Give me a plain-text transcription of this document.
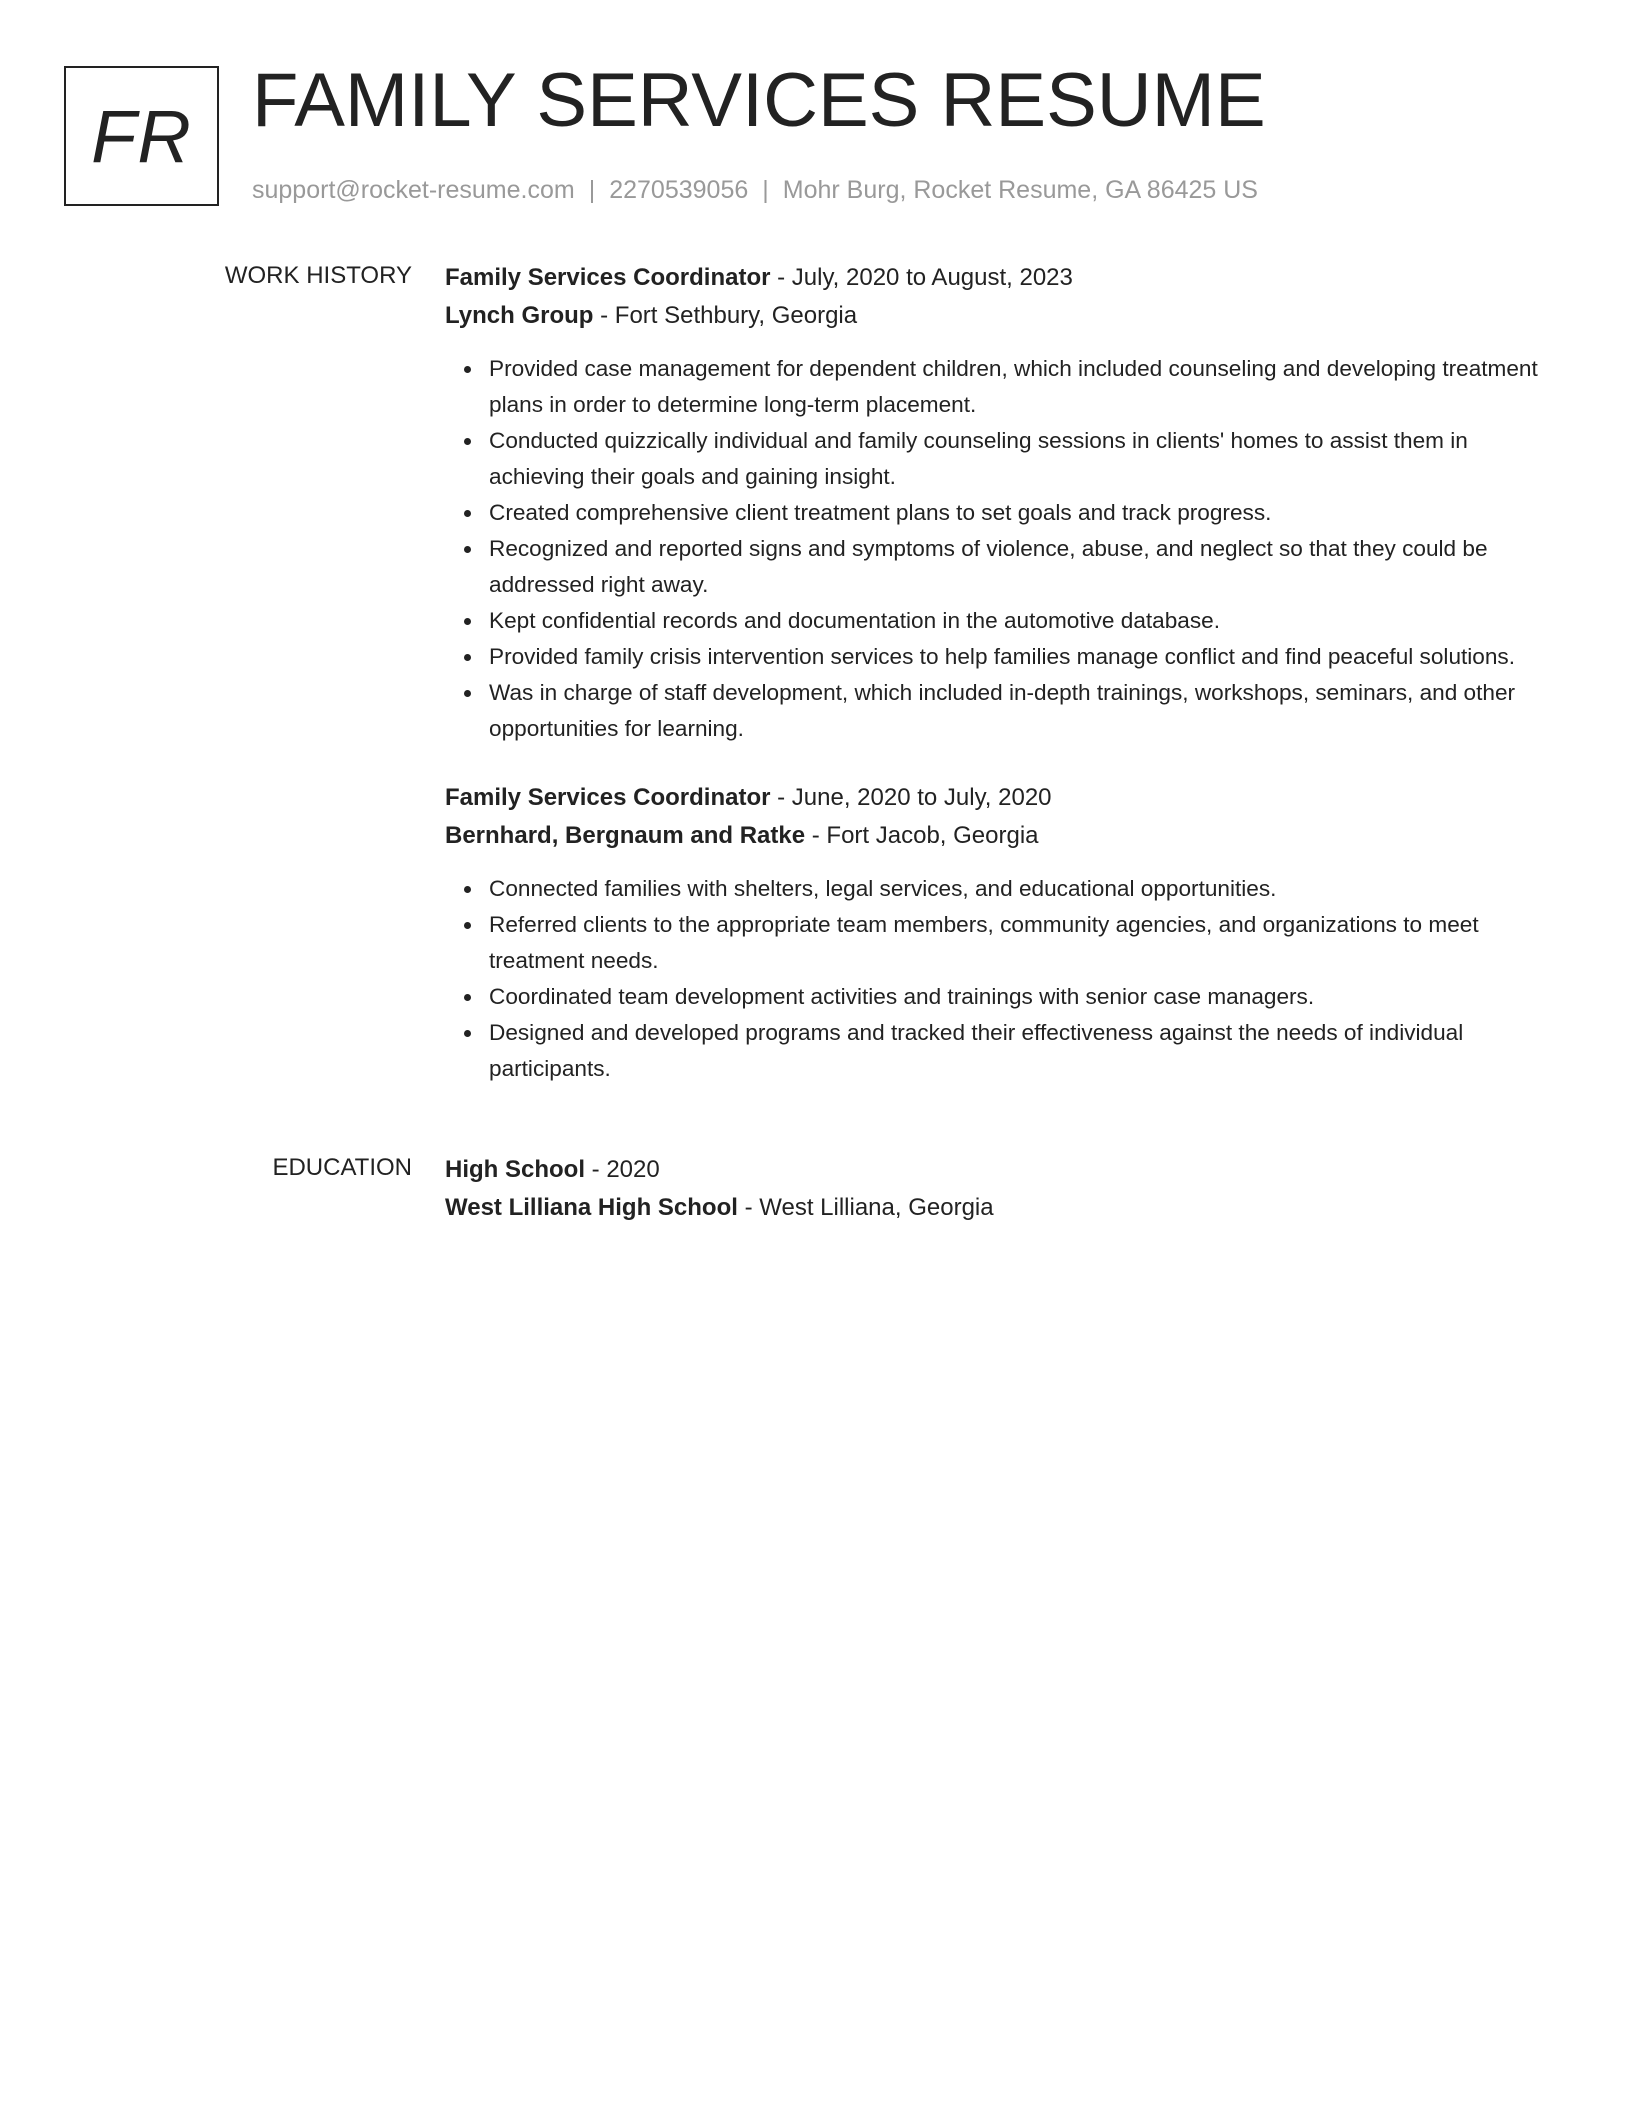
FR FAMILY SERVICES RESUME
support@rocket-resume.com | 2270539056 | Mohr Burg, Rocket Resume, GA 86425 US
WORK HISTORY Family Services Coordinator - July, 2020 to August, 2023
Lynch Group - Fort Sethbury, Georgia
Provided case management for dependent children, which included counseling and developing treatment plans in order to determine long-term placement.
Conducted quizzically individual and family counseling sessions in clients' homes to assist them in achieving their goals and gaining insight.
Created comprehensive client treatment plans to set goals and track progress.
Recognized and reported signs and symptoms of violence, abuse, and neglect so that they could be addressed right away.
Kept confidential records and documentation in the automotive database.
Provided family crisis intervention services to help families manage conflict and find peaceful solutions.
Was in charge of staff development, which included in-depth trainings, workshops, seminars, and other opportunities for learning.
Family Services Coordinator - June, 2020 to July, 2020
Bernhard, Bergnaum and Ratke - Fort Jacob, Georgia
Connected families with shelters, legal services, and educational opportunities.
Referred clients to the appropriate team members, community agencies, and organizations to meet treatment needs.
Coordinated team development activities and trainings with senior case managers.
Designed and developed programs and tracked their effectiveness against the needs of individual participants.
EDUCATION High School - 2020
West Lilliana High School - West Lilliana, Georgia
